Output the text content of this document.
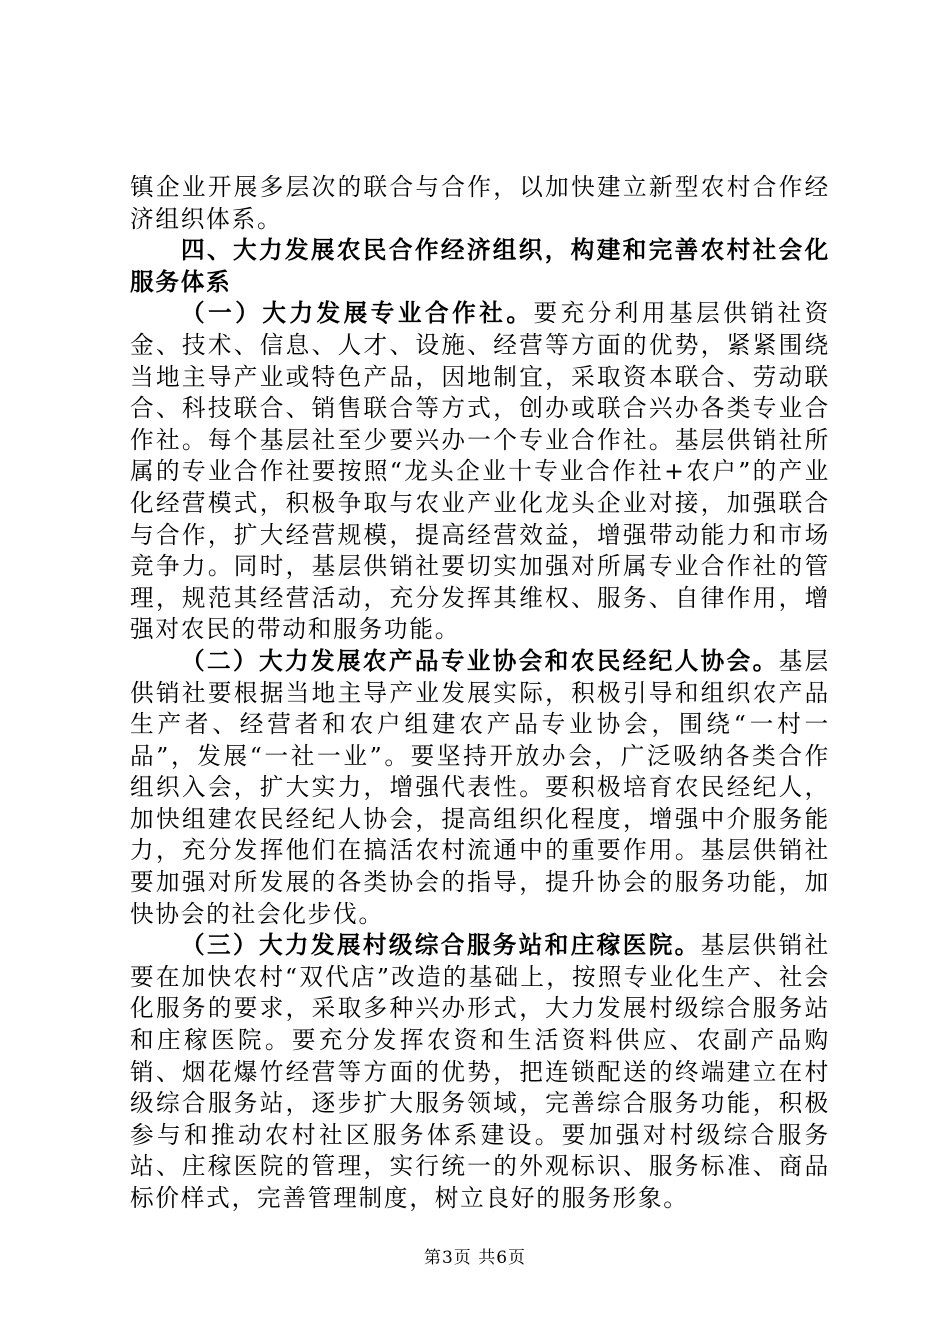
镇企业开展多层次的联合与合作，以加快建立新型农村合作经济组织体系。

四、大力发展农民合作经济组织，构建和完善农村社会化服务体系

（一）大力发展专业合作社。要充分利用基层供销社资金、技术、信息、人才、设施、经营等方面的优势，紧紧围绕当地主导产业或特色产品，因地制宜，采取资本联合、劳动联合、科技联合、销售联合等方式，创办或联合兴办各类专业合作社。每个基层社至少要兴办一个专业合作社。基层供销社所属的专业合作社要按照“龙头企业十专业合作社+农户”的产业化经营模式，积极争取与农业产业化龙头企业对接，加强联合与合作，扩大经营规模，提高经营效益，增强带动能力和市场竞争力。同时，基层供销社要切实加强对所属专业合作社的管理，规范其经营活动，充分发挥其维权、服务、自律作用，增强对农民的带动和服务功能。

（二）大力发展农产品专业协会和农民经纪人协会。基层供销社要根据当地主导产业发展实际，积极引导和组织农产品生产者、经营者和农户组建农产品专业协会，围绕“一村一品”，发展“一社一业”。要坚持开放办会，广泛吸纳各类合作组织入会，扩大实力，增强代表性。要积极培育农民经纪人，加快组建农民经纪人协会，提高组织化程度，增强中介服务能力，充分发挥他们在搞活农村流通中的重要作用。基层供销社要加强对所发展的各类协会的指导，提升协会的服务功能，加快协会的社会化步伐。

（三）大力发展村级综合服务站和庄稼医院。基层供销社要在加快农村“双代店”改造的基础上，按照专业化生产、社会化服务的要求，采取多种兴办形式，大力发展村级综合服务站和庄稼医院。要充分发挥农资和生活资料供应、农副产品购销、烟花爆竹经营等方面的优势，把连锁配送的终端建立在村级综合服务站，逐步扩大服务领域，完善综合服务功能，积极参与和推动农村社区服务体系建设。要加强对村级综合服务站、庄稼医院的管理，实行统一的外观标识、服务标准、商品标价样式，完善管理制度，树立良好的服务形象。

第3页 共6页
